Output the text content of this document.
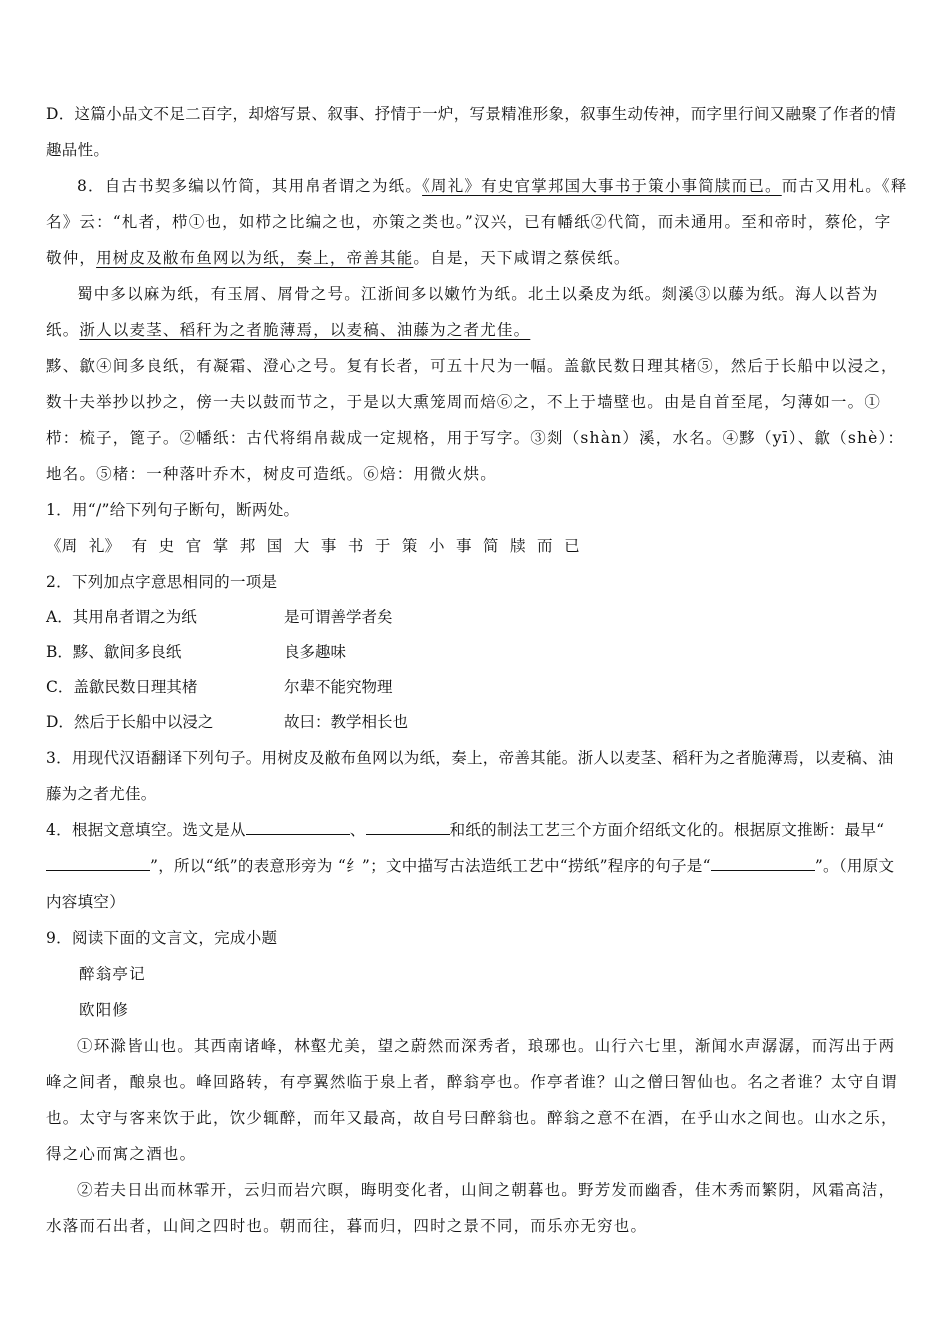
D．这篇小品文不足二百字，却熔写景、叙事、抒情于一炉，写景精准形象，叙事生动传神，而字里行间又融聚了作者的情趣品性。

8．自古书契多编以竹简，其用帛者谓之为纸。《周礼》有史官掌邦国大事书于策小事简牍而已。而古又用札。《释名》云：“札者，栉①也，如栉之比编之也，亦策之类也。”汉兴，已有幡纸②代简，而未通用。至和帝时，蔡伦，字敬仲，用树皮及敝布鱼网以为纸，奏上，帝善其能。自是，天下咸谓之蔡侯纸。

蜀中多以麻为纸，有玉屑、屑骨之号。江浙间多以嫩竹为纸。北土以桑皮为纸。剡溪③以藤为纸。海人以苔为纸。浙人以麦茎、稻秆为之者脆薄焉，以麦稿、油藤为之者尤佳。

黟、歙④间多良纸，有凝霜、澄心之号。复有长者，可五十尺为一幅。盖歙民数日理其楮⑤，然后于长船中以浸之，数十夫举抄以抄之，傍一夫以鼓而节之，于是以大熏笼周而焙⑥之，不上于墙壁也。由是自首至尾，匀薄如一。①栉：梳子，篦子。②幡纸：古代将绢帛裁成一定规格，用于写字。③剡（shàn）溪，水名。④黟（yī）、歙（shè）：地名。⑤楮：一种落叶乔木，树皮可造纸。⑥焙：用微火烘。

1．用“/”给下列句子断句，断两处。

《周 礼》 有 史 官 掌 邦 国 大 事 书 于 策 小 事 简 牍 而 已

2．下列加点字意思相同的一项是

A．其用帛者谓之为纸	是可谓善学者矣
B．黟、歙间多良纸	良多趣味
C．盖歙民数日理其楮	尔辈不能究物理
D．然后于长船中以浸之	故曰：教学相长也

3．用现代汉语翻译下列句子。用树皮及敝布鱼网以为纸，奏上，帝善其能。浙人以麦茎、稻秆为之者脆薄焉，以麦稿、油藤为之者尤佳。

4．根据文意填空。选文是从	、	和纸的制法工艺三个方面介绍纸文化的。根据原文推断：最早“”，所以“纸”的表意形旁为 “纟”；文中描写古法造纸工艺中“捞纸”程序的句子是“	”。（用原文内容填空）

9．阅读下面的文言文，完成小题

醉翁亭记

欧阳修

①环滁皆山也。其西南诸峰，林壑尤美，望之蔚然而深秀者，琅琊也。山行六七里，渐闻水声潺潺，而泻出于两峰之间者，酿泉也。峰回路转，有亭翼然临于泉上者，醉翁亭也。作亭者谁？山之僧曰智仙也。名之者谁？太守自谓也。太守与客来饮于此，饮少辄醉，而年又最高，故自号曰醉翁也。醉翁之意不在酒，在乎山水之间也。山水之乐，得之心而寓之酒也。

②若夫日出而林霏开，云归而岩穴暝，晦明变化者，山间之朝暮也。野芳发而幽香，佳木秀而繁阴，风霜高洁，水落而石出者，山间之四时也。朝而往，暮而归，四时之景不同，而乐亦无穷也。
